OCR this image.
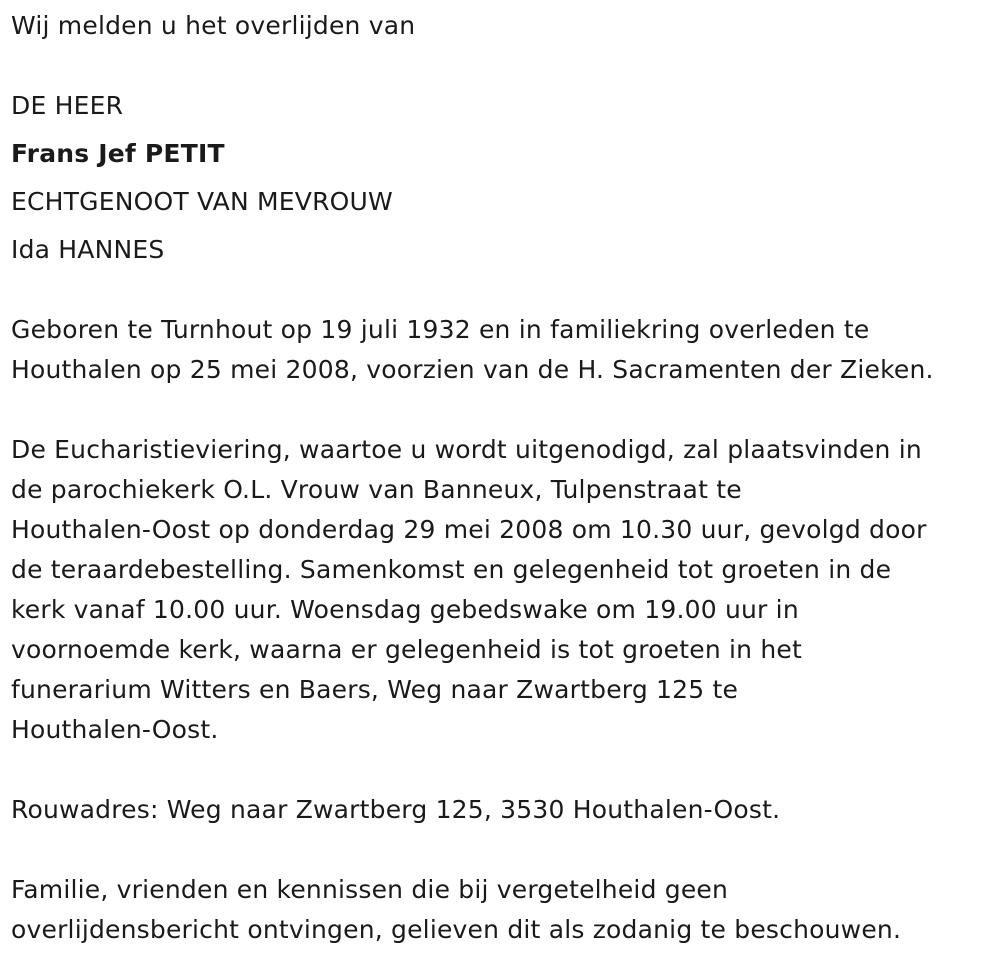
Wij melden u het overlijden van
DE HEER
Frans Jef PETIT
ECHTGENOOT VAN MEVROUW
Ida HANNES
Geboren te Turnhout op 19 juli 1932 en in familiekring overleden te
Houthalen op 25 mei 2008, voorzien van de H. Sacramenten der Zieken.
De Eucharistieviering, waartoe u wordt uitgenodigd, zal plaatsvinden in
de parochiekerk O.L. Vrouw van Banneux, Tulpenstraat te
Houthalen-Oost op donderdag 29 mei 2008 om 10.30 uur, gevolgd door
de teraardebestelling. Samenkomst en gelegenheid tot groeten in de
kerk vanaf 10.00 uur. Woensdag gebedswake om 19.00 uur in
voornoemde kerk, waarna er gelegenheid is tot groeten in het
funerarium Witters en Baers, Weg naar Zwartberg 125 te
Houthalen-Oost.
Rouwadres: Weg naar Zwartberg 125, 3530 Houthalen-Oost.
Familie, vrienden en kennissen die bij vergetelheid geen
overlijdensbericht ontvingen, gelieven dit als zodanig te beschouwen.
